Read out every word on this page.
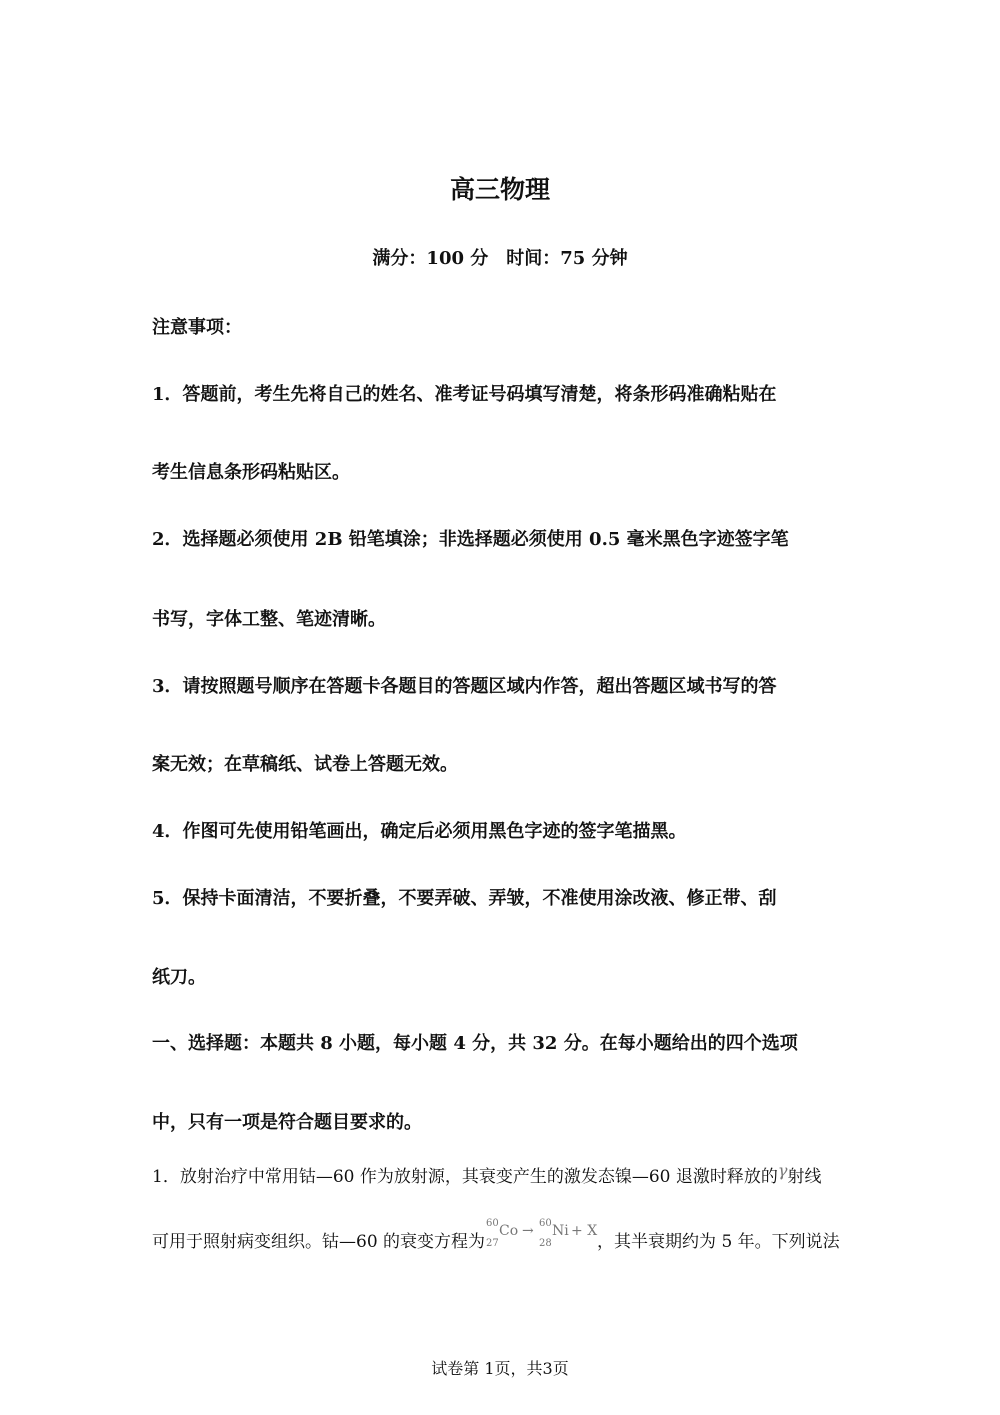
高三物理
满分：100 分　时间：75 分钟
注意事项：
1．答题前，考生先将自己的姓名、准考证号码填写清楚，将条形码准确粘贴在
考生信息条形码粘贴区。
2．选择题必须使用 2B 铅笔填涂；非选择题必须使用 0.5 毫米黑色字迹签字笔
书写，字体工整、笔迹清晰。
3．请按照题号顺序在答题卡各题目的答题区域内作答，超出答题区域书写的答
案无效；在草稿纸、试卷上答题无效。
4．作图可先使用铅笔画出，确定后必须用黑色字迹的签字笔描黑。
5．保持卡面清洁，不要折叠，不要弄破、弄皱，不准使用涂改液、修正带、刮
纸刀。
一、选择题：本题共 8 小题，每小题 4 分，共 32 分。在每小题给出的四个选项
中，只有一项是符合题目要求的。
1．放射治疗中常用钴—60 作为放射源，其衰变产生的激发态镍—60 退激时释放的γ射线
可用于照射病变组织。钴—60 的衰变方程为
60
27
Co → 60
28
Ni + X
，其半衰期约为 5 年。下列说法
试卷第 1页，共3页
